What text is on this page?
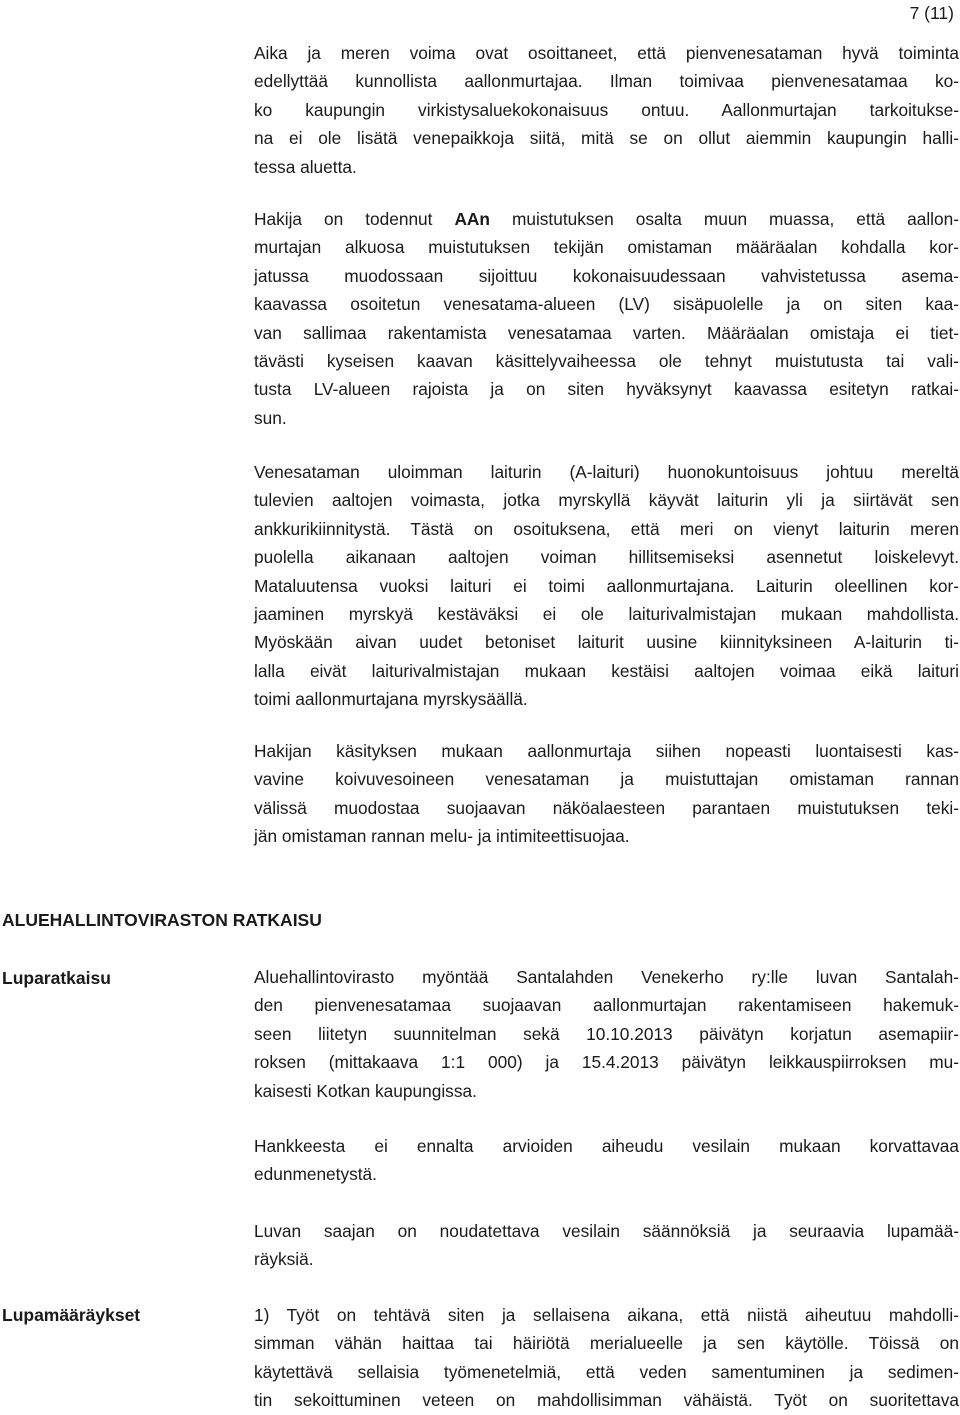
7 (11)
Aika ja meren voima ovat osoittaneet, että pienvenesataman hyvä toiminta
edellyttää kunnollista aallonmurtajaa. Ilman toimivaa pienvenesatamaa ko-
ko kaupungin virkistysaluekokonaisuus ontuu. Aallonmurtajan tarkoitukse-
na ei ole lisätä venepaikkoja siitä, mitä se on ollut aiemmin kaupungin halli-
tessa aluetta.
Hakija on todennut AAn muistutuksen osalta muun muassa, että aallon-
murtajan alkuosa muistutuksen tekijän omistaman määräalan kohdalla kor-
jatussa muodossaan sijoittuu kokonaisuudessaan vahvistetussa asema-
kaavassa osoitetun venesatama-alueen (LV) sisäpuolelle ja on siten kaa-
van sallimaa rakentamista venesatamaa varten. Määräalan omistaja ei tiet-
tävästi kyseisen kaavan käsittelyvaiheessa ole tehnyt muistutusta tai vali-
tusta LV-alueen rajoista ja on siten hyväksynyt kaavassa esitetyn ratkai-
sun.
Venesataman uloimman laiturin (A-laituri) huonokuntoisuus johtuu mereltä
tulevien aaltojen voimasta, jotka myrskyllä käyvät laiturin yli ja siirtävät sen
ankkurikiinnitystä. Tästä on osoituksena, että meri on vienyt laiturin meren
puolella aikanaan aaltojen voiman hillitsemiseksi asennetut loiskelevyt.
Mataluutensa vuoksi laituri ei toimi aallonmurtajana. Laiturin oleellinen kor-
jaaminen myrskyä kestäväksi ei ole laiturivalmistajan mukaan mahdollista.
Myöskään aivan uudet betoniset laiturit uusine kiinnityksineen A-laiturin ti-
lalla eivät laiturivalmistajan mukaan kestäisi aaltojen voimaa eikä laituri
toimi aallonmurtajana myrskysäällä.
Hakijan käsityksen mukaan aallonmurtaja siihen nopeasti luontaisesti kas-
vavine koivuvesoineen venesataman ja muistuttajan omistaman rannan
välissä muodostaa suojaavan näköalaesteen parantaen muistutuksen teki-
jän omistaman rannan melu- ja intimiteettisuojaa.
ALUEHALLINTOVIRASTON RATKAISU
Luparatkaisu	Aluehallintovirasto myöntää Santalahden Venekerho ry:lle luvan Santalah-
den pienvenesatamaa suojaavan aallonmurtajan rakentamiseen hakemuk-
seen liitetyn suunnitelman sekä 10.10.2013 päivätyn korjatun asemapiir-
roksen (mittakaava 1:1 000) ja 15.4.2013 päivätyn leikkauspiirroksen mu-
kaisesti Kotkan kaupungissa.
Hankkeesta ei ennalta arvioiden aiheudu vesilain mukaan korvattavaa
edunmenetystä.
Luvan saajan on noudatettava vesilain säännöksiä ja seuraavia lupamää-
räyksiä.
Lupamääräykset	1) Työt on tehtävä siten ja sellaisena aikana, että niistä aiheutuu mahdolli-
simman vähän haittaa tai häiriötä merialueelle ja sen käytölle. Töissä on
käytettävä sellaisia työmenetelmiä, että veden samentuminen ja sedimen-
tin sekoittuminen veteen on mahdollisimman vähäistä. Työt on suoritettava
